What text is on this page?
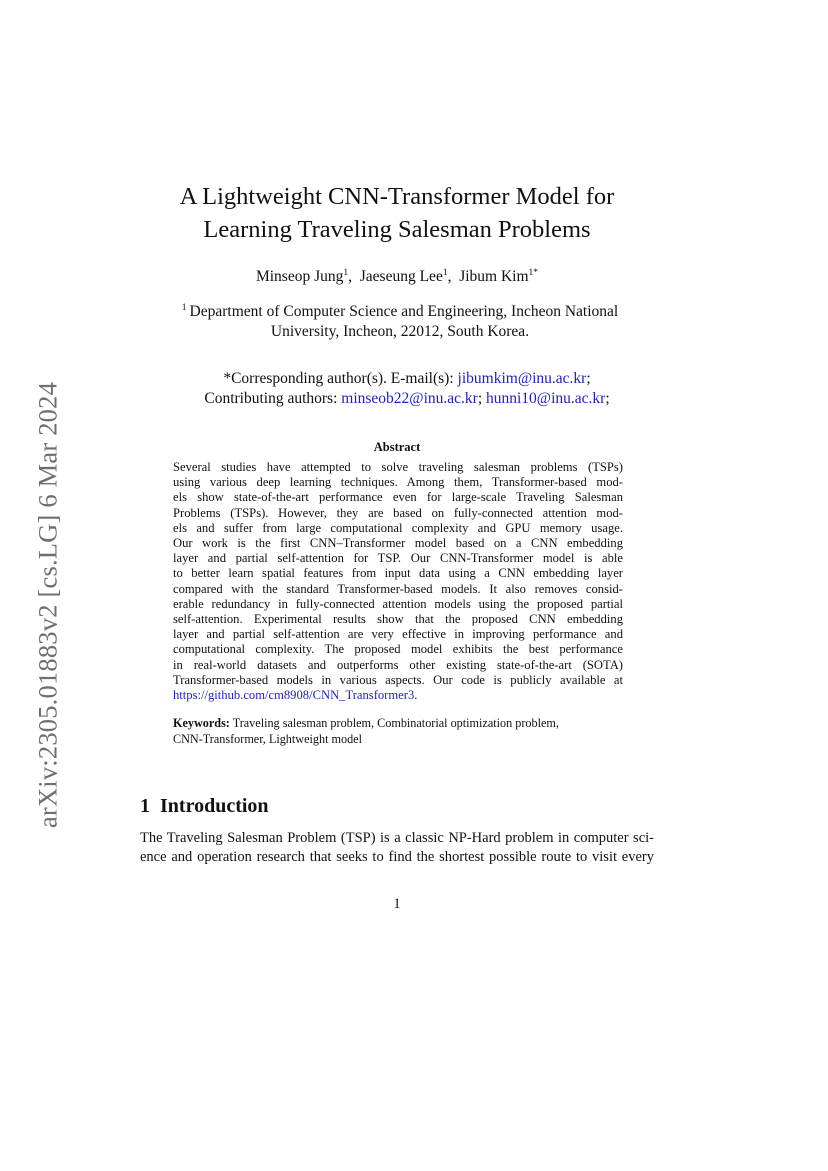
arXiv:2305.01883v2 [cs.LG] 6 Mar 2024
A Lightweight CNN-Transformer Model for
Learning Traveling Salesman Problems
Minseop Jung$^1$,  Jaeseung Lee$^1$,  Jibum Kim$^{1*}$
$^1$ Department of Computer Science and Engineering, Incheon National
University, Incheon, 22012, South Korea.
*Corresponding author(s). E-mail(s): jibumkim@inu.ac.kr;
Contributing authors: minseob22@inu.ac.kr; hunni10@inu.ac.kr;
Abstract
Several studies have attempted to solve traveling salesman problems (TSPs)
using various deep learning techniques. Among them, Transformer-based mod-
els show state-of-the-art performance even for large-scale Traveling Salesman
Problems (TSPs). However, they are based on fully-connected attention mod-
els and suffer from large computational complexity and GPU memory usage.
Our work is the first CNN–Transformer model based on a CNN embedding
layer and partial self-attention for TSP. Our CNN-Transformer model is able
to better learn spatial features from input data using a CNN embedding layer
compared with the standard Transformer-based models. It also removes consid-
erable redundancy in fully-connected attention models using the proposed partial
self-attention. Experimental results show that the proposed CNN embedding
layer and partial self-attention are very effective in improving performance and
computational complexity. The proposed model exhibits the best performance
in real-world datasets and outperforms other existing state-of-the-art (SOTA)
Transformer-based models in various aspects. Our code is publicly available at
https://github.com/cm8908/CNN_Transformer3.
Keywords: Traveling salesman problem, Combinatorial optimization problem,
CNN-Transformer, Lightweight model
1 Introduction
The Traveling Salesman Problem (TSP) is a classic NP-Hard problem in computer sci-
ence and operation research that seeks to find the shortest possible route to visit every
1
